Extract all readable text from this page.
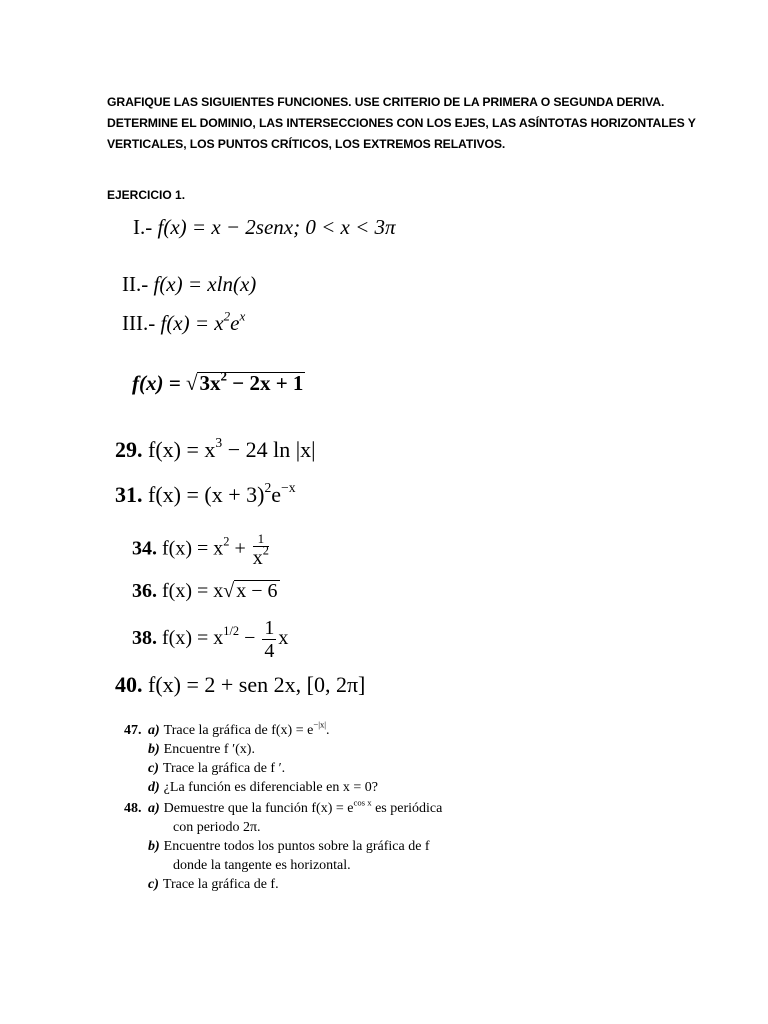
GRAFIQUE LAS SIGUIENTES FUNCIONES. USE CRITERIO DE LA PRIMERA O SEGUNDA DERIVA.
DETERMINE EL DOMINIO, LAS INTERSECCIONES CON LOS EJES, LAS ASÍNTOTAS HORIZONTALES Y
VERTICALES, LOS PUNTOS CRÍTICOS, LOS EXTREMOS RELATIVOS.
EJERCICIO 1.
I.- f(x) = x − 2senx; 0 < x < 3π
II.- f(x) = xln(x)
III.- $f(x) = x^2e^x$
$f(x) = √3x^2 - 2x + 1$
29. $f(x) = x^3 - 24$ ln |x|
31. $f(x) = (x + 3)^2e^{-x}$
34. $f(x) = x^2 + \frac{1}{x^2}$
36. f(x) = x√ x − 6
38. $f(x) = x^{1/2} - \frac{1}{4}$ x
40. f(x) = 2 + sen 2x, [0, 2π]
47. a) Trace la gráfica de $f(x) = e^{-|x|}$.
b) Encuentre f ′(x).
c) Trace la gráfica de f ′.
d) ¿La función es diferenciable en x = 0?
48. a) Demuestre que la función $f(x) = e^{cos x}$ es periódica
con periodo 2π.
b) Encuentre todos los puntos sobre la gráfica de f
donde la tangente es horizontal.
c) Trace la gráfica de f.
